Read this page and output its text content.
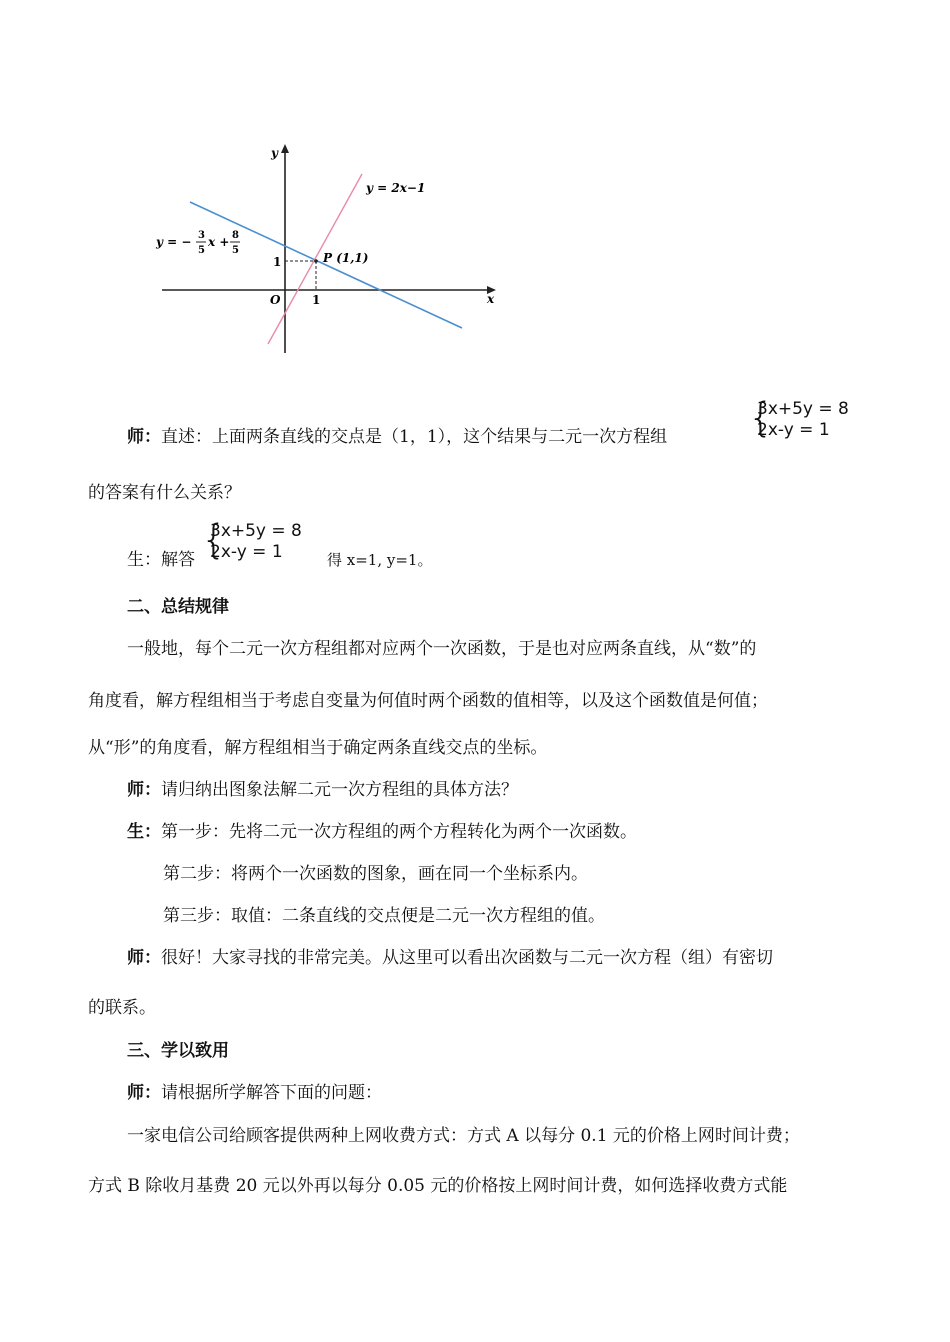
y
x
O	1
1	P (1,1)
y = 2x−1
y = − 3
5
x + 8
5
师：直述：上面两条直线的交点是（1，1），这个结果与二元一次方程组 {
3x+5y = 8
2x-y = 1
的答案有什么关系？
生：解答 {
3x+5y = 8
2x-y = 1	得 x=1, y=1。
二、总结规律
一般地，每个二元一次方程组都对应两个一次函数，于是也对应两条直线，从“数”的
角度看，解方程组相当于考虑自变量为何值时两个函数的值相等，以及这个函数值是何值；
从“形”的角度看，解方程组相当于确定两条直线交点的坐标。
师：请归纳出图象法解二元一次方程组的具体方法？
生：第一步：先将二元一次方程组的两个方程转化为两个一次函数。
第二步：将两个一次函数的图象，画在同一个坐标系内。
第三步：取值：二条直线的交点便是二元一次方程组的值。
师：很好！大家寻找的非常完美。从这里可以看出次函数与二元一次方程（组）有密切
的联系。
三、学以致用
师：请根据所学解答下面的问题：
一家电信公司给顾客提供两种上网收费方式：方式 A 以每分 0.1 元的价格上网时间计费；
方式 B 除收月基费 20 元以外再以每分 0.05 元的价格按上网时间计费，如何选择收费方式能
